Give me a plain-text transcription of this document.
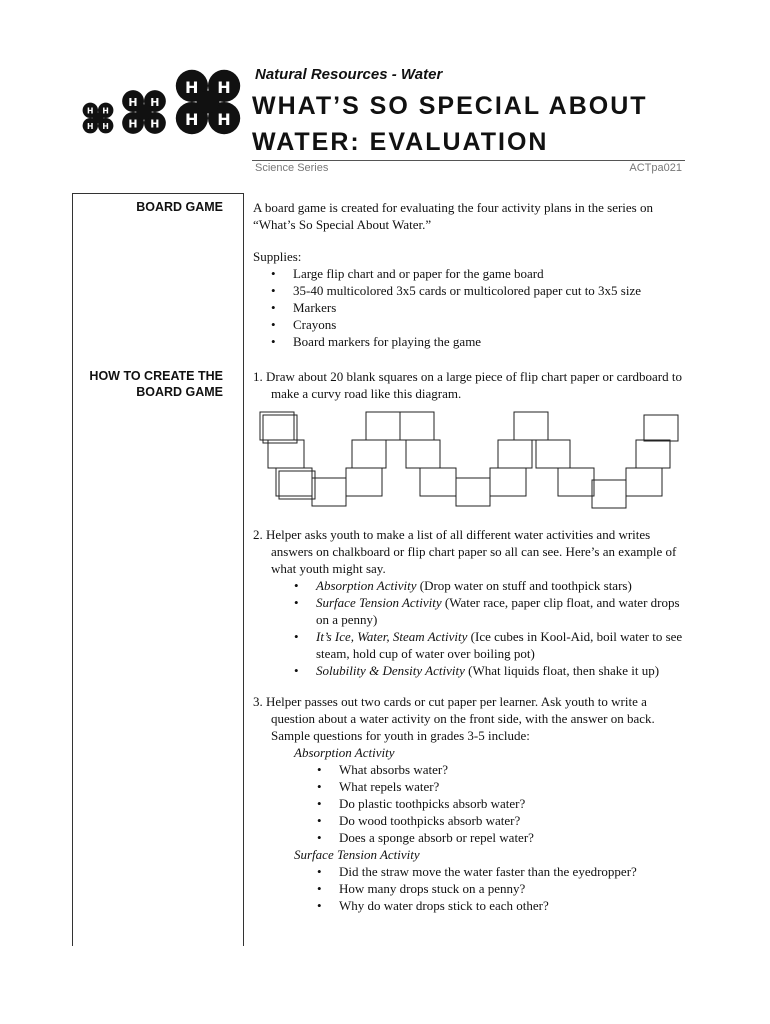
H H
H H
H H
H H
H H
H H
Natural Resources - Water
WHAT’S SO SPECIAL ABOUT
WATER: EVALUATION
Science Series	ACTpa021
BOARD GAME
HOW TO CREATE THE
BOARD GAME

A board game is created for evaluating the four activity plans in the series on “What’s So Special About Water.”

Supplies:

• Large flip chart and or paper for the game board
• 35-40 multicolored 3x5 cards or multicolored paper cut to 3x5 size
• Markers
• Crayons
• Board markers for playing the game

1. Draw about 20 blank squares on a large piece of flip chart paper or cardboard to make a curvy road like this diagram.

2. Helper asks youth to make a list of all different water activities and writes answers on chalkboard or flip chart paper so all can see. Here’s an example of what youth might say.

• Absorption Activity (Drop water on stuff and toothpick stars)
• Surface Tension Activity (Water race, paper clip float, and water drops on a penny)
• It’s Ice, Water, Steam Activity (Ice cubes in Kool-Aid, boil water to see steam, hold cup of water over boiling pot)
• Solubility & Density Activity (What liquids float, then shake it up)

3. Helper passes out two cards or cut paper per learner. Ask youth to write a question about a water activity on the front side, with the answer on back. Sample questions for youth in grades 3-5 include:

Absorption Activity

• What absorbs water?
• What repels water?
• Do plastic toothpicks absorb water?
• Do wood toothpicks absorb water?
• Does a sponge absorb or repel water?

Surface Tension Activity

• Did the straw move the water faster than the eyedropper?
• How many drops stuck on a penny?
• Why do water drops stick to each other?
